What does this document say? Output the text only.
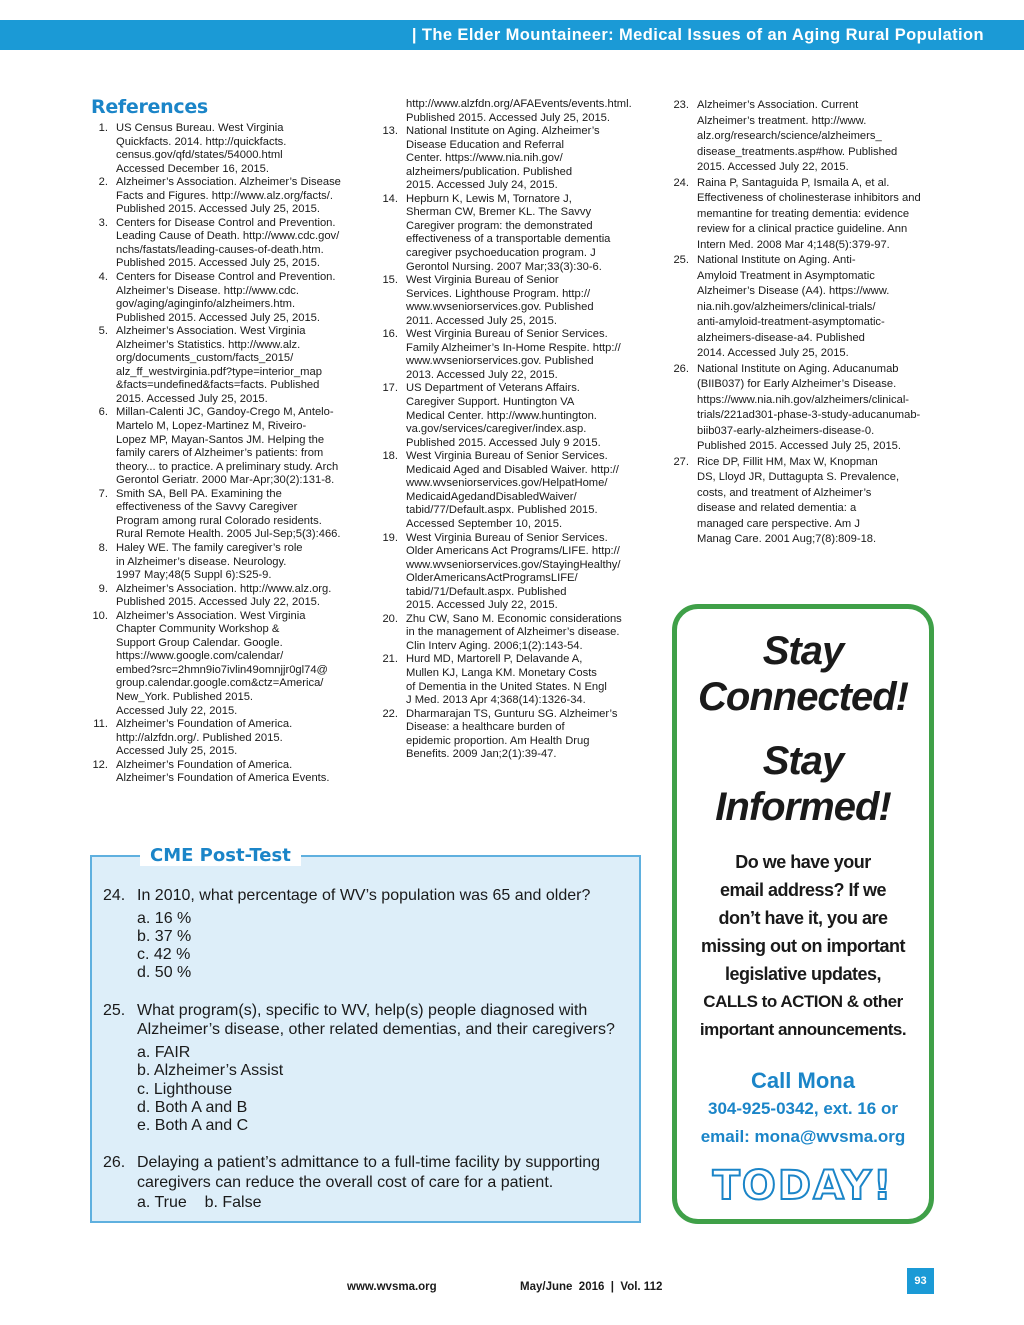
| The Elder Mountaineer: Medical Issues of an Aging Rural Population
References
1. US Census Bureau. West Virginia
Quickfacts. 2014. http://quickfacts.
census.gov/qfd/states/54000.html
Accessed December 16, 2015.
2. Alzheimer’s Association. Alzheimer’s Disease
Facts and Figures. http://www.alz.org/facts/.
Published 2015. Accessed July 25, 2015.
3. Centers for Disease Control and Prevention.
Leading Cause of Death. http://www.cdc.gov/
nchs/fastats/leading-causes-of-death.htm.
Published 2015. Accessed July 25, 2015.
4. Centers for Disease Control and Prevention.
Alzheimer’s Disease. http://www.cdc.
gov/aging/aginginfo/alzheimers.htm.
Published 2015. Accessed July 25, 2015.
5. Alzheimer’s Association. West Virginia
Alzheimer’s Statistics. http://www.alz.
org/documents_custom/facts_2015/
alz_ff_westvirginia.pdf?type=interior_map
&facts=undefined&facts=facts. Published
2015. Accessed July 25, 2015.
6. Millan-Calenti JC, Gandoy-Crego M, Antelo-
Martelo M, Lopez-Martinez M, Riveiro-
Lopez MP, Mayan-Santos JM. Helping the
family carers of Alzheimer’s patients: from
theory... to practice. A preliminary study. Arch
Gerontol Geriatr. 2000 Mar-Apr;30(2):131-8.
7. Smith SA, Bell PA. Examining the
effectiveness of the Savvy Caregiver
Program among rural Colorado residents.
Rural Remote Health. 2005 Jul-Sep;5(3):466.
8. Haley WE. The family caregiver’s role
in Alzheimer’s disease. Neurology.
1997 May;48(5 Suppl 6):S25-9.
9. Alzheimer’s Association. http://www.alz.org.
Published 2015. Accessed July 22, 2015.
10. Alzheimer’s Association. West Virginia
Chapter Community Workshop &
Support Group Calendar. Google.
https://www.google.com/calendar/
embed?src=2hmn9io7ivlin49omnjjr0gl74@
group.calendar.google.com&ctz=America/
New_York. Published 2015.
Accessed July 22, 2015.
11. Alzheimer’s Foundation of America.
http://alzfdn.org/. Published 2015.
Accessed July 25, 2015.
12. Alzheimer’s Foundation of America.
Alzheimer’s Foundation of America Events.
http://www.alzfdn.org/AFAEvents/events.html.
Published 2015. Accessed July 25, 2015.
13. National Institute on Aging. Alzheimer’s
Disease Education and Referral
Center. https://www.nia.nih.gov/
alzheimers/publication. Published
2015. Accessed July 24, 2015.
14. Hepburn K, Lewis M, Tornatore J,
Sherman CW, Bremer KL. The Savvy
Caregiver program: the demonstrated
effectiveness of a transportable dementia
caregiver psychoeducation program. J
Gerontol Nursing. 2007 Mar;33(3):30-6.
15. West Virginia Bureau of Senior
Services. Lighthouse Program. http://
www.wvseniorservices.gov. Published
2011. Accessed July 25, 2015.
16. West Virginia Bureau of Senior Services.
Family Alzheimer’s In-Home Respite. http://
www.wvseniorservices.gov. Published
2013. Accessed July 22, 2015.
17. US Department of Veterans Affairs.
Caregiver Support. Huntington VA
Medical Center. http://www.huntington.
va.gov/services/caregiver/index.asp.
Published 2015. Accessed July 9 2015.
18. West Virginia Bureau of Senior Services.
Medicaid Aged and Disabled Waiver. http://
www.wvseniorservices.gov/HelpatHome/
MedicaidAgedandDisabledWaiver/
tabid/77/Default.aspx. Published 2015.
Accessed September 10, 2015.
19. West Virginia Bureau of Senior Services.
Older Americans Act Programs/LIFE. http://
www.wvseniorservices.gov/StayingHealthy/
OlderAmericansActProgramsLIFE/
tabid/71/Default.aspx. Published
2015. Accessed July 22, 2015.
20. Zhu CW, Sano M. Economic considerations
in the management of Alzheimer’s disease.
Clin Interv Aging. 2006;1(2):143-54.
21. Hurd MD, Martorell P, Delavande A,
Mullen KJ, Langa KM. Monetary Costs
of Dementia in the United States. N Engl
J Med. 2013 Apr 4;368(14):1326-34.
22. Dharmarajan TS, Gunturu SG. Alzheimer’s
Disease: a healthcare burden of
epidemic proportion. Am Health Drug
Benefits. 2009 Jan;2(1):39-47.
23. Alzheimer’s Association. Current
Alzheimer’s treatment. http://www.
alz.org/research/science/alzheimers_
disease_treatments.asp#how. Published
2015. Accessed July 22, 2015.
24. Raina P, Santaguida P, Ismaila A, et al.
Effectiveness of cholinesterase inhibitors and
memantine for treating dementia: evidence
review for a clinical practice guideline. Ann
Intern Med. 2008 Mar 4;148(5):379-97.
25. National Institute on Aging. Anti-
Amyloid Treatment in Asymptomatic
Alzheimer’s Disease (A4). https://www.
nia.nih.gov/alzheimers/clinical-trials/
anti-amyloid-treatment-asymptomatic-
alzheimers-disease-a4. Published
2014. Accessed July 25, 2015.
26. National Institute on Aging. Aducanumab
(BIIB037) for Early Alzheimer’s Disease.
https://www.nia.nih.gov/alzheimers/clinical-
trials/221ad301-phase-3-study-aducanumab-
biib037-early-alzheimers-disease-0.
Published 2015. Accessed July 25, 2015.
27. Rice DP, Fillit HM, Max W, Knopman
DS, Lloyd JR, Duttagupta S. Prevalence,
costs, and treatment of Alzheimer’s
disease and related dementia: a
managed care perspective. Am J
Manag Care. 2001 Aug;7(8):809-18.
CME Post-Test
24. In 2010, what percentage of WV’s population was 65 and older?
a. 16 %
b. 37 %
c. 42 %
d. 50 %
25. What program(s), specific to WV, help(s) people diagnosed with
Alzheimer’s disease, other related dementias, and their caregivers?
a. FAIR
b. Alzheimer’s Assist
c. Lighthouse
d. Both A and B
e. Both A and C
26. Delaying a patient’s admittance to a full-time facility by supporting
caregivers can reduce the overall cost of care for a patient.
a. True    b. False
Stay
Connected!
Stay
Informed!
Do we have your
email address? If we
don’t have it, you are
missing out on important
legislative updates,
CALLS to ACTION & other
important announcements.
Call Mona
304-925-0342, ext. 16 or
email: mona@wvsma.org
TODAY!
www.wvsma.org	May/June  2016  |  Vol. 112	93
